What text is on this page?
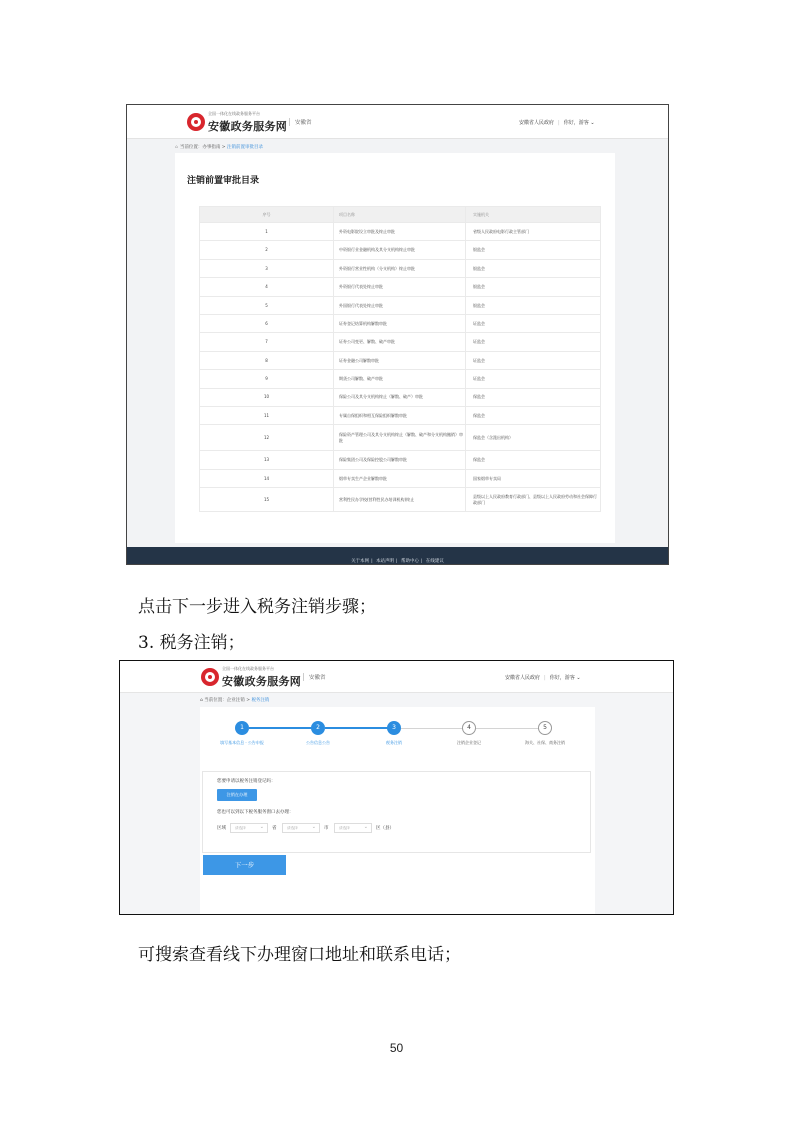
全国一体化在线政务服务平台
安徽政务服务网	安徽省	安徽省人民政府 | 你好，游客 ⌄
⌂ 当前位置：办事指南 > 注销前置审批目录
注销前置审批目录
序号	项目名称	实施机关
1	外资电影院设立审批及终止审批	省级人民政府电影行政主管部门
2	中资银行业金融机构及其分支机构终止审批	银监会
3	外资银行营业性机构（分支机构）终止审批	银监会
4	外资银行代表处终止审批	银监会
5	外国银行代表处终止审批	银监会
6	证券登记结算机构解散审批	证监会
7	证券公司变更、解散、破产审批	证监会
8	证券金融公司解散审批	证监会
9	期货公司解散、破产审批	证监会
10	保险公司及其分支机构终止（解散、破产）审批	保监会
11	专属自保组织和相互保险组织解散审批	保监会
12	保险资产管理公司及其分支机构终止（解散、破产和分支机构撤销）审批	保监会（含派出机构）
13	保险集团公司及保险控股公司解散审批	保监会
14	烟草专卖生产企业解散审批	国家烟草专卖局
15	营利性民办学校(营利性民办培训机构)终止	县级以上人民政府教育行政部门、县级以上人民政府劳动和社会保障行政部门
关于本网 | 本站声明 | 帮助中心 | 在线建议
点击下一步进入税务注销步骤；
3. 税务注销；
全国一体化在线政务服务平台
安徽政务服务网	安徽省	安徽省人民政府 | 你好，游客 ⌄
⌂ 当前位置：企业注销 > 税务注销
1
填写基本信息 · 公告申报
2
公告信息公告
3
税务注销
4
注销企业登记
5
海关、社保、商务注销
您要申请以税务注销登记吗：
注销在办理
您也可以到以下税务服务窗口去办理：
区域	请选择 ⌄	省	请选择 ⌄	市	请选择 ⌄	区（县）
下一步
可搜索查看线下办理窗口地址和联系电话；
50
